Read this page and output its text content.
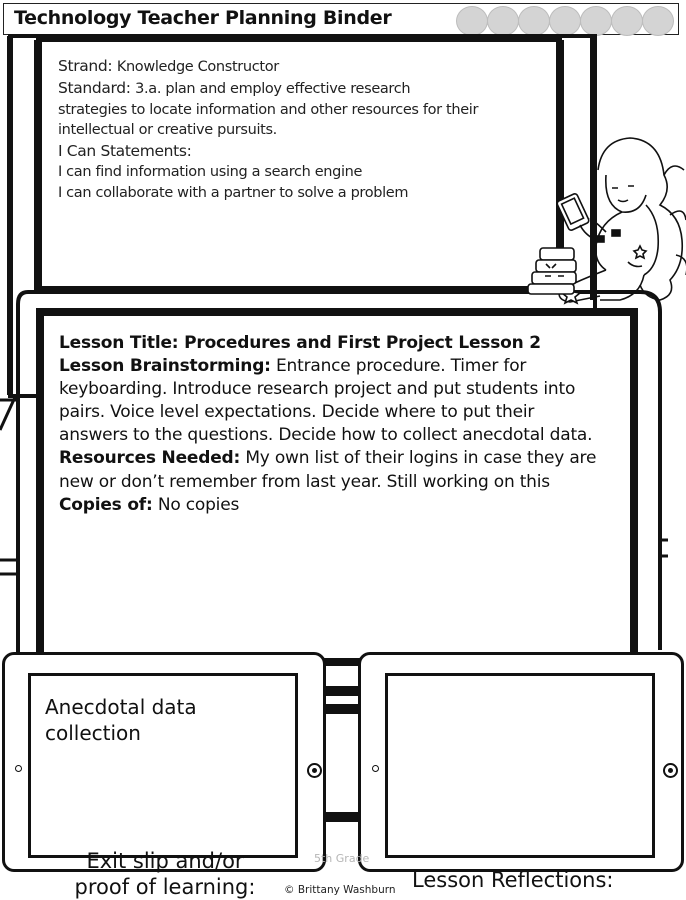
Technology Teacher Planning Binder
Strand: Knowledge Constructor
Standard: 3.a. plan and employ effective research
strategies to locate information and other resources for their
intellectual or creative pursuits.
I Can Statements:
I can find information using a search engine
I can collaborate with a partner to solve a problem
Lesson Title: Procedures and First Project Lesson 2
Lesson Brainstorming: Entrance procedure. Timer for keyboarding. Introduce research project and put students into pairs. Voice level expectations. Decide where to put their answers to the questions. Decide how to collect anecdotal data.
Resources Needed: My own list of their logins in case they are new or don’t remember from last year. Still working on this
Copies of: No copies
Anecdotal data collection
Exit slip and/or
proof of learning:	Lesson Reflections:
5th Grade
© Brittany Washburn
